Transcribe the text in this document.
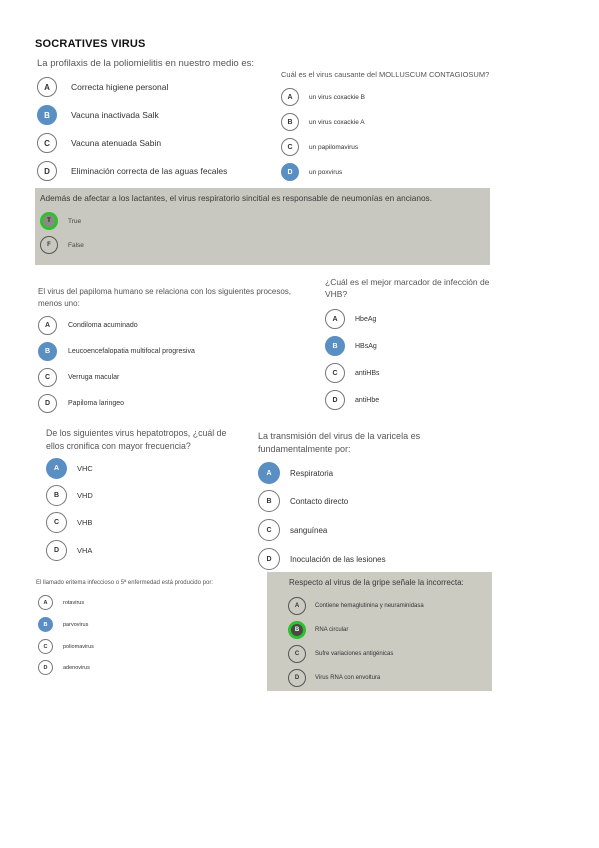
SOCRATIVES VIRUS
La profilaxis de la poliomielitis en nuestro medio es:
A	Correcta higiene personal
B	Vacuna inactivada Salk
C	Vacuna atenuada Sabin
D	Eliminación correcta de las aguas fecales
Cuál es el virus causante del MOLLUSCUM CONTAGIOSUM?
A	un virus coxackie B
B	un virus coxackie A
C	un papilomavirus
D	un poxvirus
Además de afectar a los lactantes, el virus respiratorio sincitial es responsable de neumonías en ancianos.
T	True
F	False
El virus del papiloma humano se relaciona con los siguientes procesos,
menos uno:
A	Condiloma acuminado
B	Leucoencefalopatia multifocal progresiva
C	Verruga macular
D	Papiloma laringeo
¿Cuál es el mejor marcador de infección de
VHB?
A	HbeAg
B	HBsAg
C	antiHBs
D	antiHbe
De los siguientes virus hepatotropos, ¿cuál de
ellos cronifica con mayor frecuencia?
A	VHC
B	VHD
C	VHB
D	VHA
La transmisión del virus de la varicela es
fundamentalmente por:
A	Respiratoria
B	Contacto directo
C	sanguínea
D	Inoculación de las lesiones
El llamado eritema infeccioso o 5ª enfermedad está producido por:
A	rotavirus
B	parvovirus
C	poliomavirus
D	adenovirus
Respecto al virus de la gripe señale la incorrecta:
A	Contiene hemaglutinina y neuraminidasa
B	RNA circular
C	Sufre variaciones antigénicas
D	Virus RNA con envoltura
